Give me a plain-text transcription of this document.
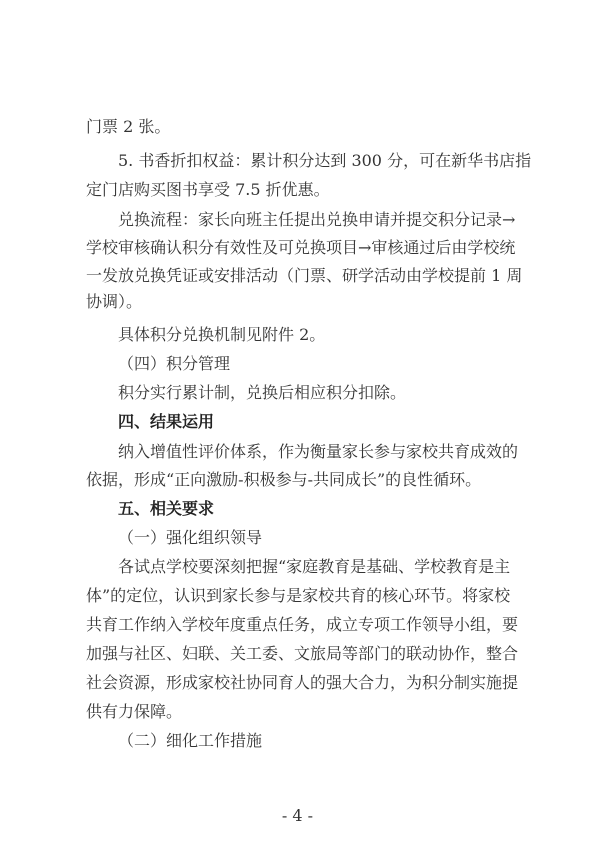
门票 2 张。
5. 书香折扣权益：累计积分达到 300 分，可在新华书店指
定门店购买图书享受 7.5 折优惠。
兑换流程：家长向班主任提出兑换申请并提交积分记录→
学校审核确认积分有效性及可兑换项目→审核通过后由学校统
一发放兑换凭证或安排活动（门票、研学活动由学校提前 1 周
协调）。
具体积分兑换机制见附件 2。
（四）积分管理
积分实行累计制，兑换后相应积分扣除。
四、结果运用
纳入增值性评价体系，作为衡量家长参与家校共育成效的
依据，形成“正向激励-积极参与-共同成长”的良性循环。
五、相关要求
（一）强化组织领导
各试点学校要深刻把握“家庭教育是基础、学校教育是主
体”的定位，认识到家长参与是家校共育的核心环节。将家校
共育工作纳入学校年度重点任务，成立专项工作领导小组，要
加强与社区、妇联、关工委、文旅局等部门的联动协作，整合
社会资源，形成家校社协同育人的强大合力，为积分制实施提
供有力保障。
（二）细化工作措施
- 4 -
